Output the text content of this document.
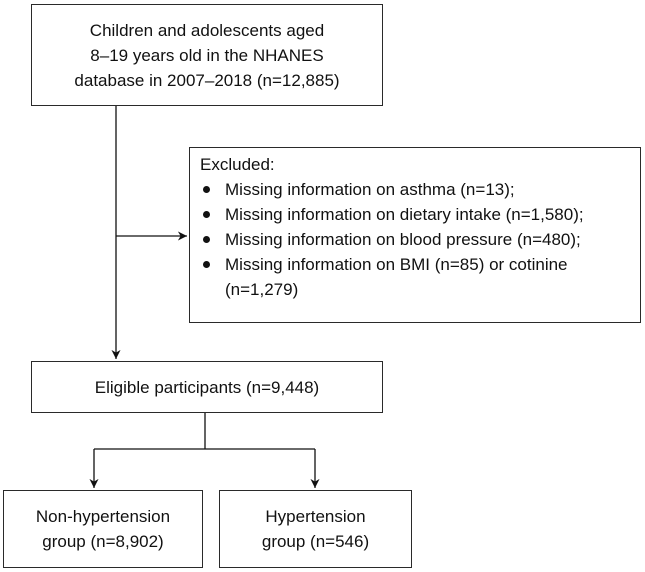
Children and adolescents aged
8–19 years old in the NHANES
database in 2007–2018 (n=12,885)
Excluded:
Missing information on asthma (n=13);
Missing information on dietary intake (n=1,580);
Missing information on blood pressure (n=480);
Missing information on BMI (n=85) or cotinine
(n=1,279)
Eligible participants (n=9,448)
Non-hypertension
group (n=8,902)
Hypertension
group (n=546)
